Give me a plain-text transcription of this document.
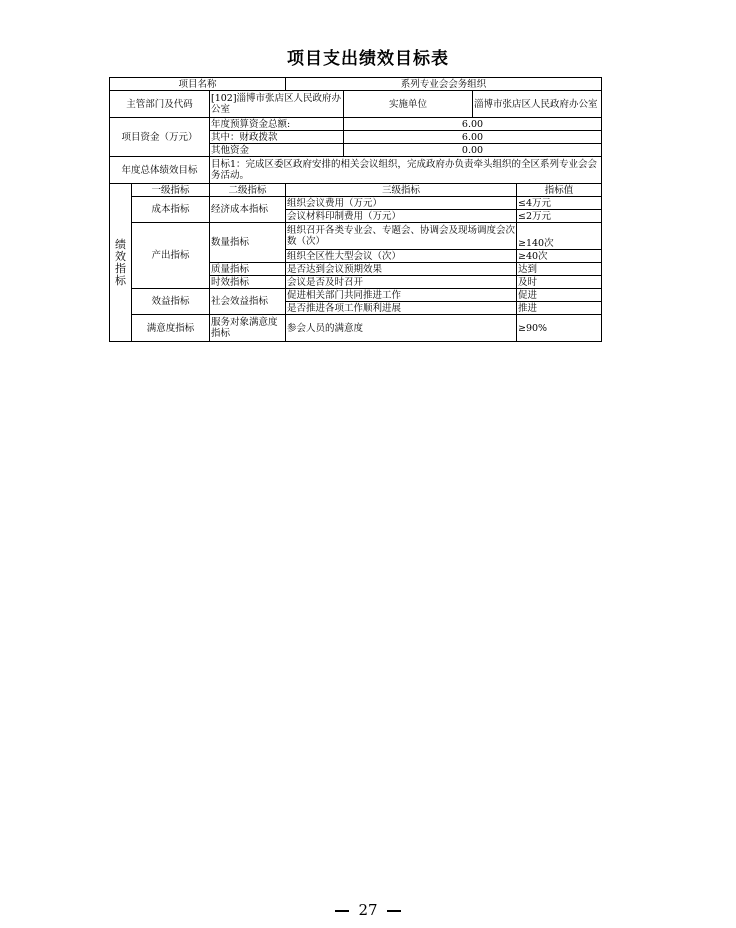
项目支出绩效目标表
项目名称			系列专业会会务组织			
主管部门及代码		[102]淄博市张店区人民政府办公室		实施单位	淄博市张店区人民政府办公室	
项目资金（万元）		年度预算资金总额:		6.00		
		其中：财政拨款		6.00		
		其他资金		0.00		
年度总体绩效目标		目标1：完成区委区政府安排的相关会议组织，完成政府办负责牵头组织的全区系列专业会会务活动。				
绩效指标	一级指标	二级指标	三级指标			指标值
	成本指标	经济成本指标	组织会议费用（万元）			≤4万元
			会议材料印制费用（万元）			≤2万元
	产出指标	数量指标	组织召开各类专业会、专题会、协调会及现场调度会次数（次）			≥140次
			组织全区性大型会议（次）			≥40次
		质量指标	是否达到会议预期效果			达到
		时效指标	会议是否及时召开			及时
	效益指标	社会效益指标	促进相关部门共同推进工作			促进
			是否推进各项工作顺利进展			推进
	满意度指标	服务对象满意度指标	参会人员的满意度			≥90%
27
